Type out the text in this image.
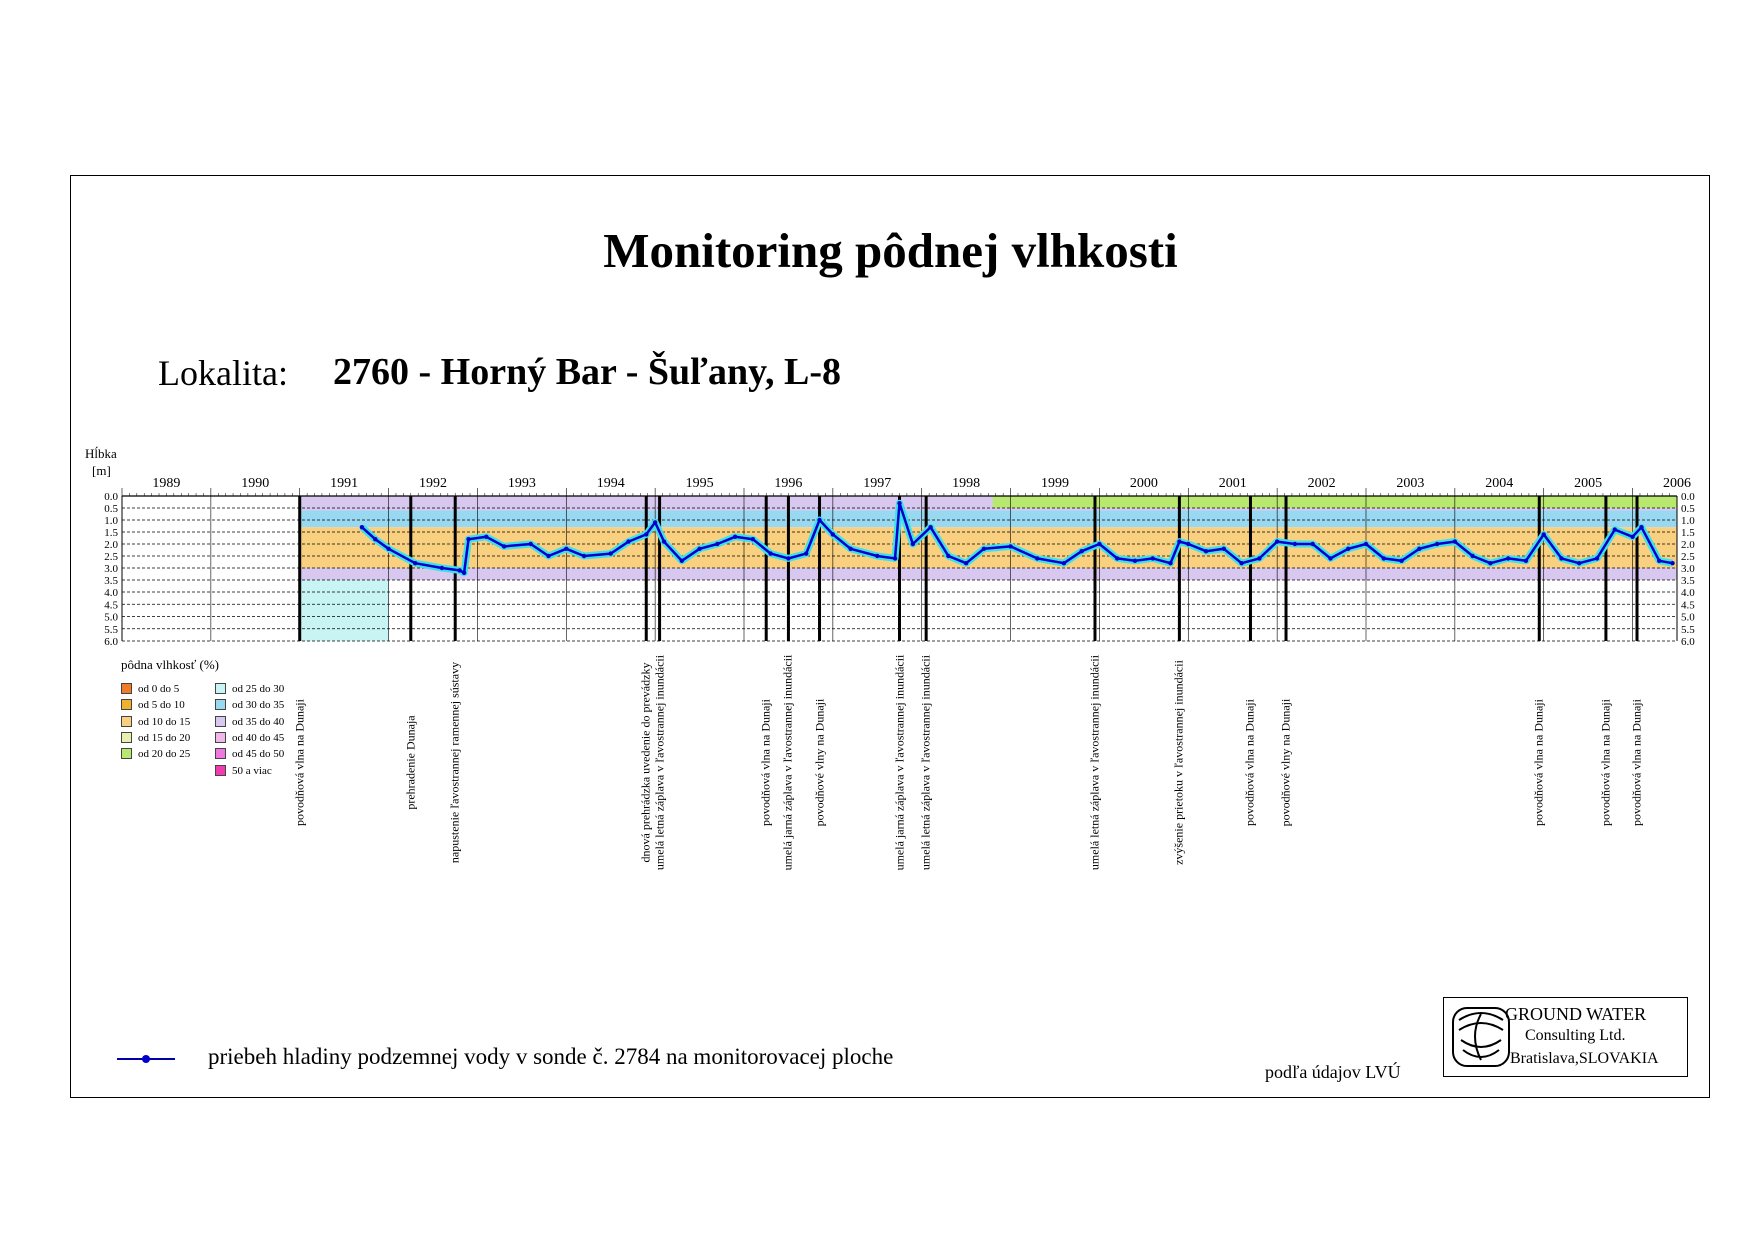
Monitoring pôdnej vlhkosti
Lokalita: 2760 - Horný Bar - Šuľany, L-8
1989	1990	1991	1992	1993	1994	1995	1996	1997	1998	1999	2000	2001	2002	2003	2004	2005	2006
0.0	0.0
0.5	0.5
1.0	1.0
1.5	1.5
2.0	2.0
2.5	2.5
3.0	3.0
3.5	3.5
4.0	4.0
4.5	4.5
5.0	5.0
5.5	5.5
6.0	6.0
Hĺbka
[m]
pôdna vlhkosť (%)
od 0 do 5
od 5 do 10
od 10 do 15
od 15 do 20
od 20 do 25
od 25 do 30
od 30 do 35
od 35 do 40
od 40 do 45
od 45 do 50
50 a viac povodňová vlna na Dunaji	prehradenie Dunaja	napustenie ľavostrannej ramennej sústavy	dnová prehrádzka uvedenie do prevádzky umelá letná záplava v ľavostrannej inundácii	povodňová vlna na Dunaji umelá jarná záplava v ľavostrannej inundácii povodňové vlny na Dunaji	umelá jarná záplava v ľavostrannej inundácii umelá letná záplava v ľavostrannej inundácii	umelá letná záplava v ľavostrannej inundácii	zvýšenie prietoku v ľavostrannej inundácii	povodňová vlna na Dunaji povodňové vlny na Dunaji	povodňová vlna na Dunaji	povodňová vlna na Dunaji povodňová vlna na Dunaji
priebeh hladiny podzemnej vody v sonde č. 2784 na monitorovacej ploche
podľa údajov LVÚ
GROUND WATER
Consulting Ltd.
Bratislava,SLOVAKIA
